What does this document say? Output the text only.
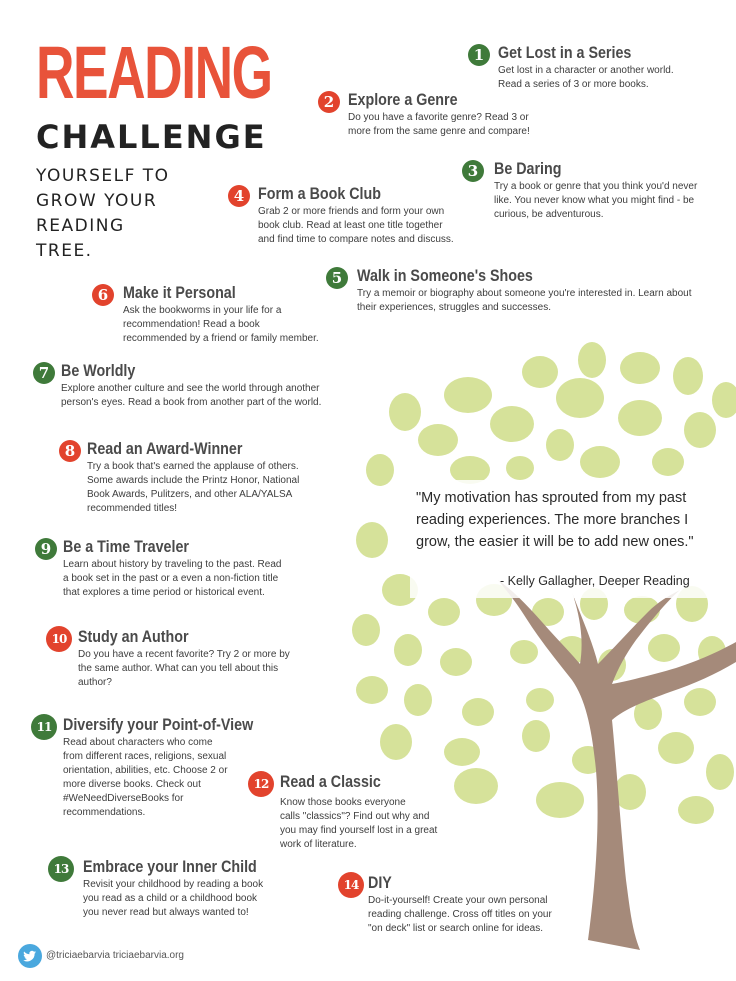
READING
CHALLENGE
YOURSELF TO
GROW YOUR
READING
TREE.
1 Get Lost in a Series
Get lost in a character or another world.
Read a series of 3 or more books.
2 Explore a Genre
Do you have a favorite genre? Read 3 or
more from the same genre and compare!
3 Be Daring
Try a book or genre that you think you'd never
like. You never know what you might find - be
curious, be adventurous.
4 Form a Book Club
Grab 2 or more friends and form your own
book club. Read at least one title together
and find time to compare notes and discuss.
5 Walk in Someone's Shoes
Try a memoir or biography about someone you're interested in. Learn about
their experiences, struggles and successes.
6 Make it Personal
Ask the bookworms in your life for a
recommendation! Read a book
recommended by a friend or family member.
7 Be Worldly
Explore another culture and see the world through another
person's eyes. Read a book from another part of the world.
8 Read an Award-Winner
Try a book that's earned the applause of others.
Some awards include the Printz Honor, National
Book Awards, Pulitzers, and other ALA/YALSA
recommended titles!
9 Be a Time Traveler
Learn about history by traveling to the past. Read
a book set in the past or a even a non-fiction title
that explores a time period or historical event.
10 Study an Author
Do you have a recent favorite? Try 2 or more by
the same author. What can you tell about this
author?
11 Diversify your Point-of-View
Read about characters who come
from different races, religions, sexual
orientation, abilities, etc. Choose 2 or
more diverse books. Check out
#WeNeedDiverseBooks for
recommendations.
12 Read a Classic
Know those books everyone
calls "classics"? Find out why and
you may find yourself lost in a great
work of literature.
13 Embrace your Inner Child
Revisit your childhood by reading a book
you read as a child or a childhood book
you never read but always wanted to!
14 DIY
Do-it-yourself! Create your own personal
reading challenge. Cross off titles on your
"on deck" list or search online for ideas.
"My motivation has sprouted from my past reading experiences. The more branches I grow, the easier it will be to add new ones."
- Kelly Gallagher, Deeper Reading
@triciaebarvia triciaebarvia.org
